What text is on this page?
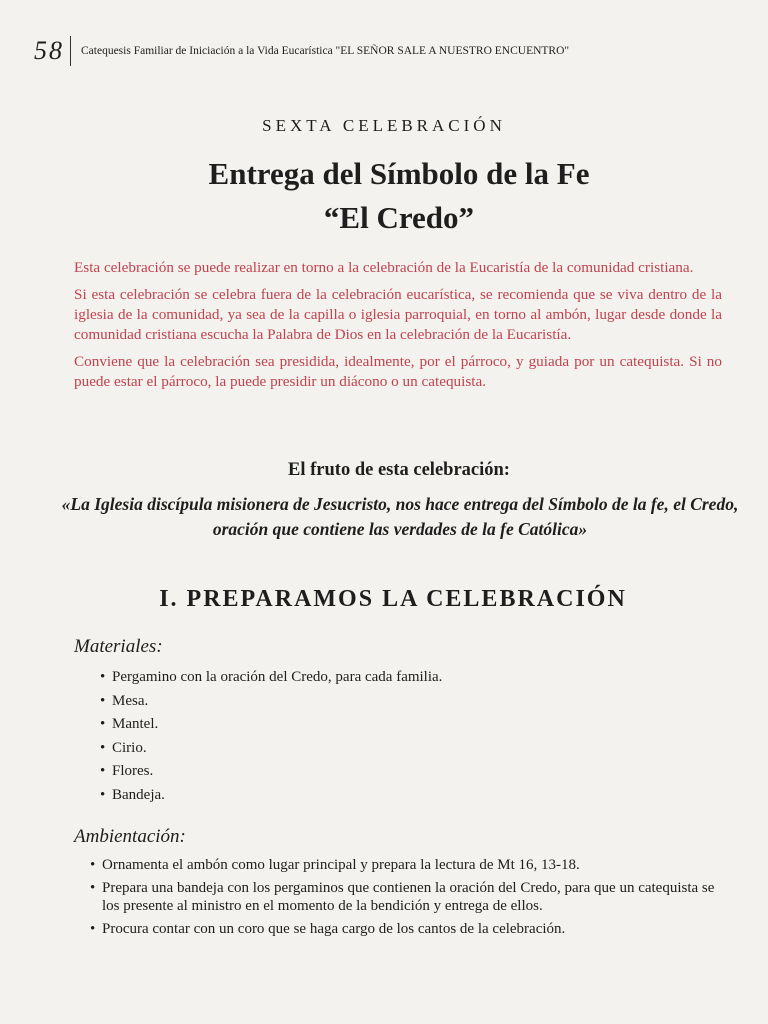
58	Catequesis Familiar de Iniciación a la Vida Eucarística "EL SEÑOR SALE A NUESTRO ENCUENTRO"
SEXTA CELEBRACIÓN
Entrega del Símbolo de la Fe
“El Credo”

Esta celebración se puede realizar en torno a la celebración de la Eucaristía de la comunidad cristiana.

Si esta celebración se celebra fuera de la celebración eucarística, se recomienda que se viva dentro de la iglesia de la comunidad, ya sea de la capilla o iglesia parroquial, en torno al ambón, lugar desde donde la comunidad cristiana escucha la Palabra de Dios en la celebración de la Eucaristía.

Conviene que la celebración sea presidida, idealmente, por el párroco, y guiada por un catequista. Si no puede estar el párroco, la puede presidir un diácono o un catequista.

El fruto de esta celebración:
«La Iglesia discípula misionera de Jesucristo, nos hace entrega del Símbolo de la fe, el Credo, oración que contiene las verdades de la fe Católica»
I. PREPARAMOS LA CELEBRACIÓN
Materiales:
• Pergamino con la oración del Credo, para cada familia.
• Mesa.
• Mantel.
• Cirio.
• Flores.
• Bandeja.
Ambientación:
• Ornamenta el ambón como lugar principal y prepara la lectura de Mt 16, 13-18.
• Prepara una bandeja con los pergaminos que contienen la oración del Credo, para que un catequista se los presente al ministro en el momento de la bendición y entrega de ellos.
• Procura contar con un coro que se haga cargo de los cantos de la celebración.
